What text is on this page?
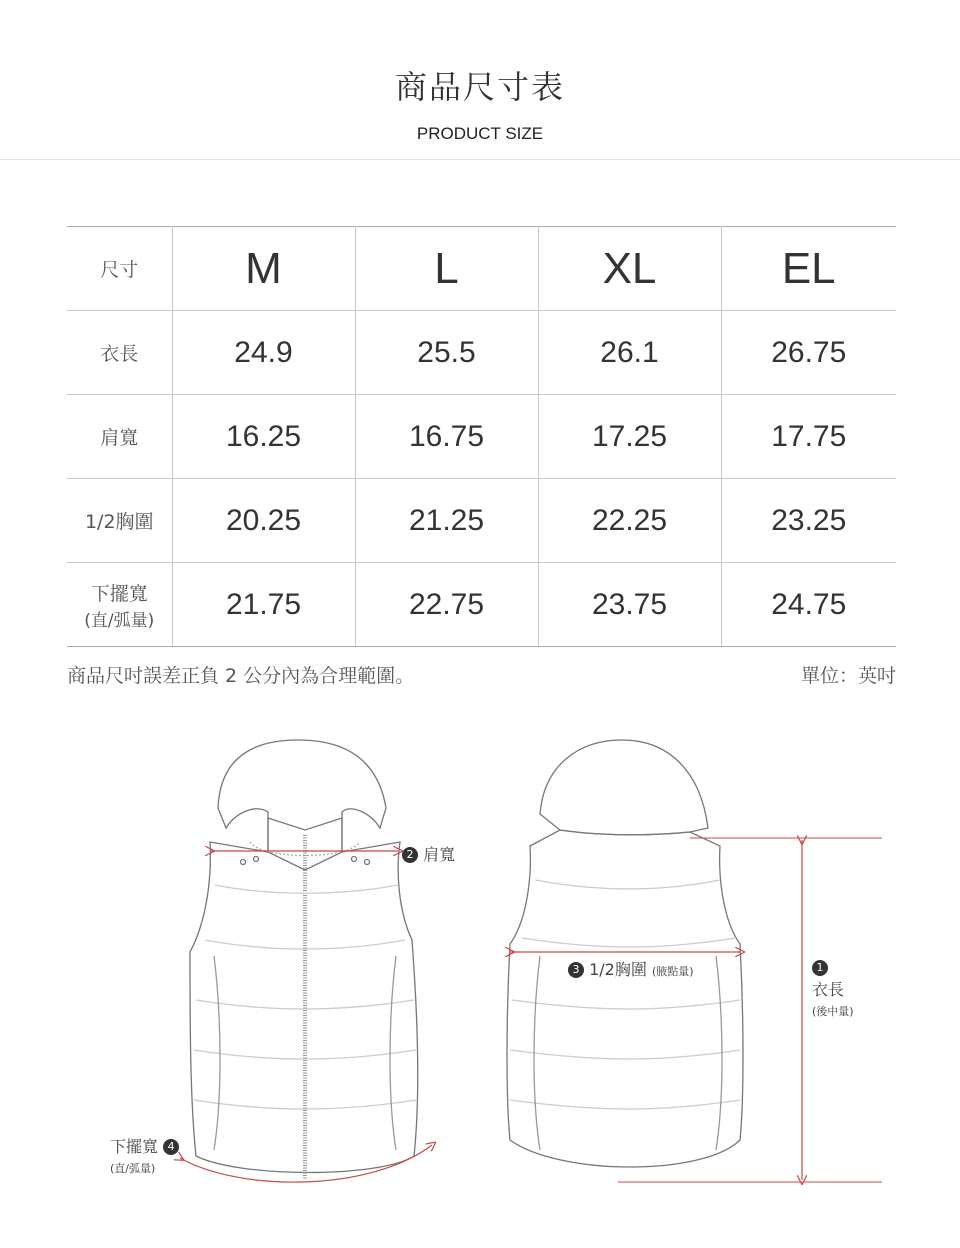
商品尺寸表
PRODUCT SIZE
尺寸	M	L	XL	EL
衣長	24.9	25.5	26.1	26.75
肩寬	16.25	16.75	17.25	17.75
1/2胸圍	20.25	21.25	22.25	23.25
下擺寬
(直/弧量)	21.75	22.75	23.75	24.75
商品尺吋誤差正負 2 公分內為合理範圍。	單位：英吋
2 肩寬
3 1/2胸圍 (腋點量)	1
衣長
(後中量)
下擺寬 4
(直/弧量)
